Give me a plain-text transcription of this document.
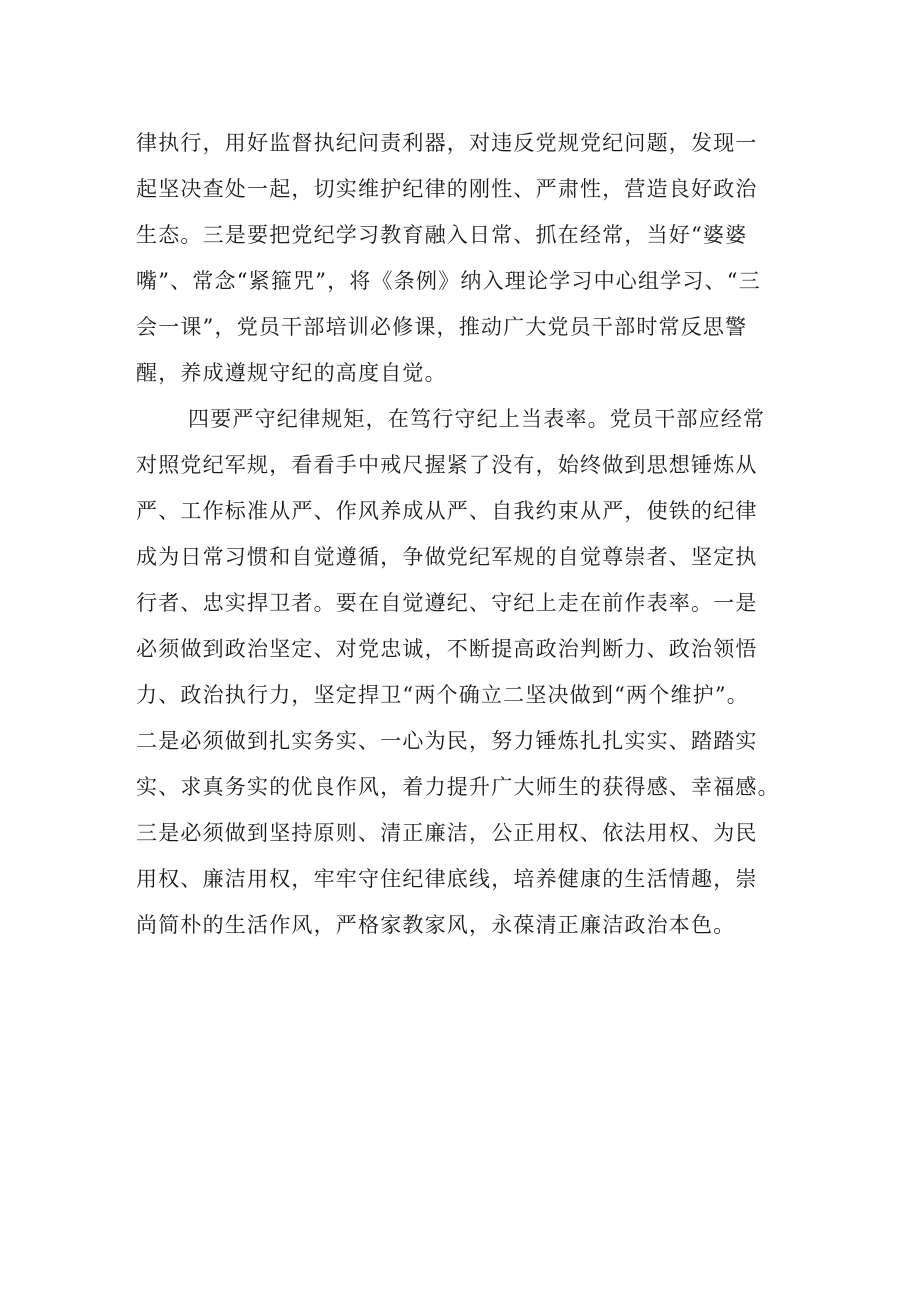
律执行，用好监督执纪问责利器，对违反党规党纪问题，发现一
起坚决查处一起，切实维护纪律的刚性、严肃性，营造良好政治
生态。三是要把党纪学习教育融入日常、抓在经常，当好“婆婆
嘴”、常念“紧箍咒”，将《条例》纳入理论学习中心组学习、“三
会一课”，党员干部培训必修课，推动广大党员干部时常反思警
醒，养成遵规守纪的高度自觉。
四要严守纪律规矩，在笃行守纪上当表率。党员干部应经常
对照党纪军规，看看手中戒尺握紧了没有，始终做到思想锤炼从
严、工作标准从严、作风养成从严、自我约束从严，使铁的纪律
成为日常习惯和自觉遵循，争做党纪军规的自觉尊崇者、坚定执
行者、忠实捍卫者。要在自觉遵纪、守纪上走在前作表率。一是
必须做到政治坚定、对党忠诚，不断提高政治判断力、政治领悟
力、政治执行力，坚定捍卫“两个确立二坚决做到“两个维护”。
二是必须做到扎实务实、一心为民，努力锤炼扎扎实实、踏踏实
实、求真务实的优良作风，着力提升广大师生的获得感、幸福感。
三是必须做到坚持原则、清正廉洁，公正用权、依法用权、为民
用权、廉洁用权，牢牢守住纪律底线，培养健康的生活情趣，崇
尚简朴的生活作风，严格家教家风，永葆清正廉洁政治本色。
